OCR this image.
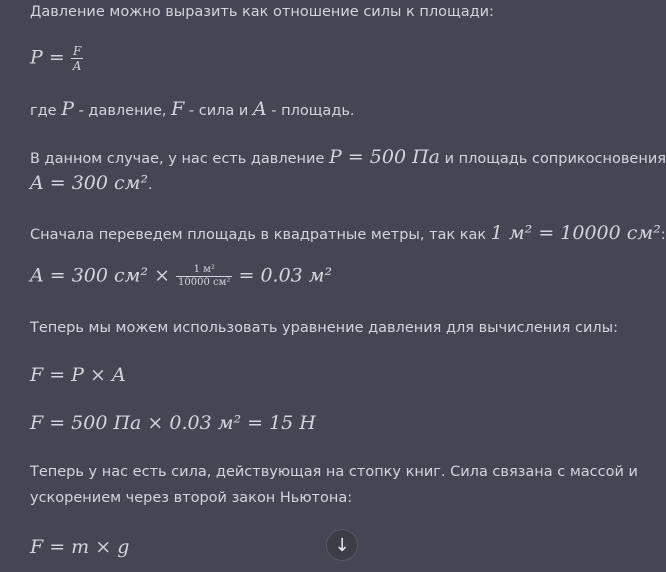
Давление можно выразить как отношение силы к площади:
$P = \frac{F}{A}$
где P - давление, F - сила и A - площадь.
В данном случае, у нас есть давление P = 500 Па и площадь соприкосновения
A = 300 см².
Сначала переведем площадь в квадратные метры, так как 1 м² = 10000 см²:
A = 300 $см^2 \times \frac{\text{1 м²}}{\text{10000 см²}} = 0.03$ м²
Теперь мы можем использовать уравнение давления для вычисления силы:
F = P × A
F = 500 Па × 0.03 м² = 15 Н
Теперь у нас есть сила, действующая на стопку книг. Сила связана с массой и
ускорением через второй закон Ньютона:
F = m × g	↓
